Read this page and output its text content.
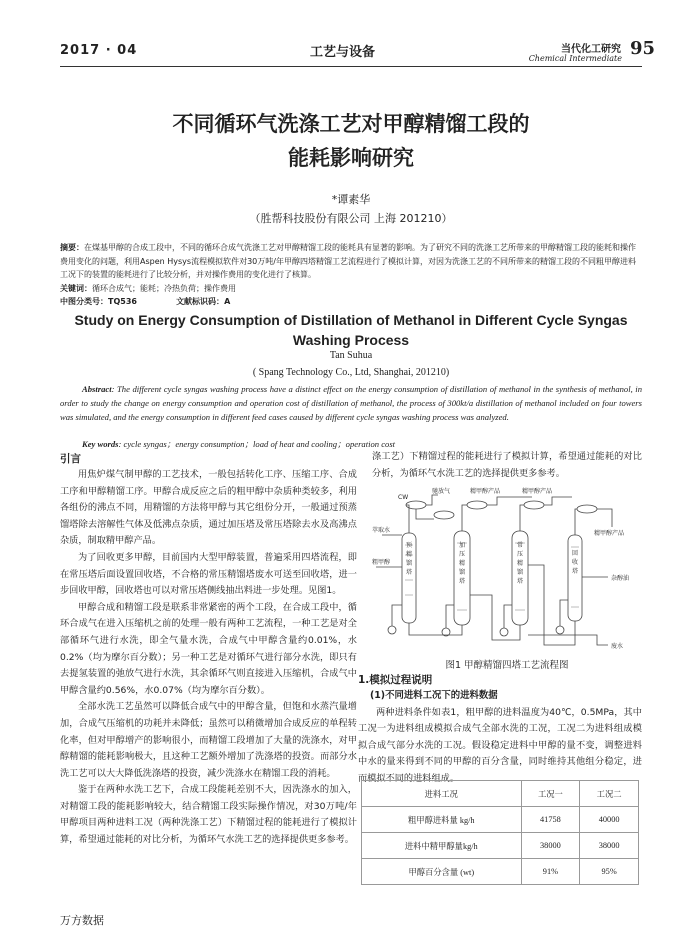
2017 · 04	工艺与设备	当代化工研究
Chemical Intermediate 95
不同循环气洗涤工艺对甲醇精馏工段的
能耗影响研究
*谭素华
（胜帮科技股份有限公司 上海 201210）
摘要：在煤基甲醇的合成工段中，不同的循环合成气洗涤工艺对甲醇精馏工段的能耗具有显著的影响。为了研究不同的洗涤工艺所带来的甲醇精馏工段的能耗和操作费用变化的问题，利用Aspen Hysys流程模拟软件对30万吨/年甲醇四塔精馏工艺流程进行了模拟计算，对因为洗涤工艺的不同所带来的精馏工段的不同粗甲醇进料工况下的装置的能耗进行了比较分析，并对操作费用的变化进行了核算。
关键词：循环合成气；能耗；冷热负荷；操作费用
中图分类号：TQ536	文献标识码：A
Study on Energy Consumption of Distillation of Methanol in Different Cycle Syngas
Washing Process
Tan Suhua
( Spang Technology Co., Ltd, Shanghai, 201210)
Abstract: The different cycle syngas washing process have a distinct effect on the energy consumption of distillation of methanol in the synthesis of methanol, in order to study the change on energy consumption and operation cost of distillation of methanol, the process of 300kt/a distillation of methanol included on four towers was simulated, and the energy consumption in different feed cases caused by different cycle syngas washing process was analyzed.
Key words: cycle syngas；energy consumption；load of heat and cooling；operation cost
引言

用焦炉煤气制甲醇的工艺技术，一般包括转化工序、压缩工序、合成工序和甲醇精馏工序。甲醇合成反应之后的粗甲醇中杂质种类较多，利用各组份的沸点不同，用精馏的方法将甲醇与其它组份分开，一般通过预蒸馏塔除去溶解性气体及低沸点杂质，通过加压塔及常压塔除去水及高沸点杂质，制取精甲醇产品。

为了回收更多甲醇，目前国内大型甲醇装置，普遍采用四塔流程，即在常压塔后面设置回收塔，不合格的常压精馏塔废水可送至回收塔，进一步回收甲醇，回收塔也可以对常压塔侧线抽出料进一步处理。见图1。

甲醇合成和精馏工段是联系非常紧密的两个工段，在合成工段中，循环合成气在进入压缩机之前的处理一般有两种工艺流程，一种工艺是对全部循环气进行水洗，即全气量水洗，合成气中甲醇含量约0.01%，水0.2%（均为摩尔百分数）；另一种工艺是对循环气进行部分水洗，即只有去提氢装置的弛放气进行水洗，其余循环气则直接进入压缩机，合成气中甲醇含量约0.56%，水0.07%（均为摩尔百分数）。

全部水洗工艺虽然可以降低合成气中的甲醇含量，但饱和水蒸汽量增加，合成气压缩机的功耗并未降低；虽然可以稍微增加合成反应的单程转化率，但对甲醇增产的影响很小，而精馏工段增加了大量的洗涤水，对甲醇精馏的能耗影响极大，且这种工艺额外增加了洗涤塔的投资。而部分水洗工艺可以大大降低洗涤塔的投资，减少洗涤水在精馏工段的消耗。

鉴于在两种水洗工艺下，合成工段能耗差别不大，因洗涤水的加入，对精馏工段的能耗影响较大，结合精馏工段实际操作情况，对30万吨/年甲醇项目两种进料工况（两种洗涤工艺）下精馏过程的能耗进行了模拟计算，希望通过能耗的对比分析，为循环气水洗工艺的选择提供更多参考。

涤工艺）下精馏过程的能耗进行了模拟计算，希望通过能耗的对比分析，为循环气水洗工艺的选择提供更多参考。

CW
驰放气	精甲醇产品	精甲醇产品
精甲醇产品
萃取水
粗甲醇
杂醇油
废水
预精馏塔
加压精馏塔
常压精馏塔
回收塔
图1 甲醇精馏四塔工艺流程图
1.模拟过程说明
(1)不同进料工况下的进料数据

两种进料条件如表1，粗甲醇的进料温度为40℃，0.5MPa，其中工况一为进料组成模拟合成气全部水洗的工况，工况二为进料组成模拟合成气部分水洗的工况。假设稳定进料中甲醇的量不变，调整进料中水的量来得到不同的甲醇的百分含量，同时维持其他组分稳定，进而模拟不同的进料组成。

进料工况	工况一	工况二
粗甲醇进料量 kg/h	41758	40000
进料中精甲醇量kg/h	38000	38000
甲醇百分含量 (wt)	91%	95%
万方数据
